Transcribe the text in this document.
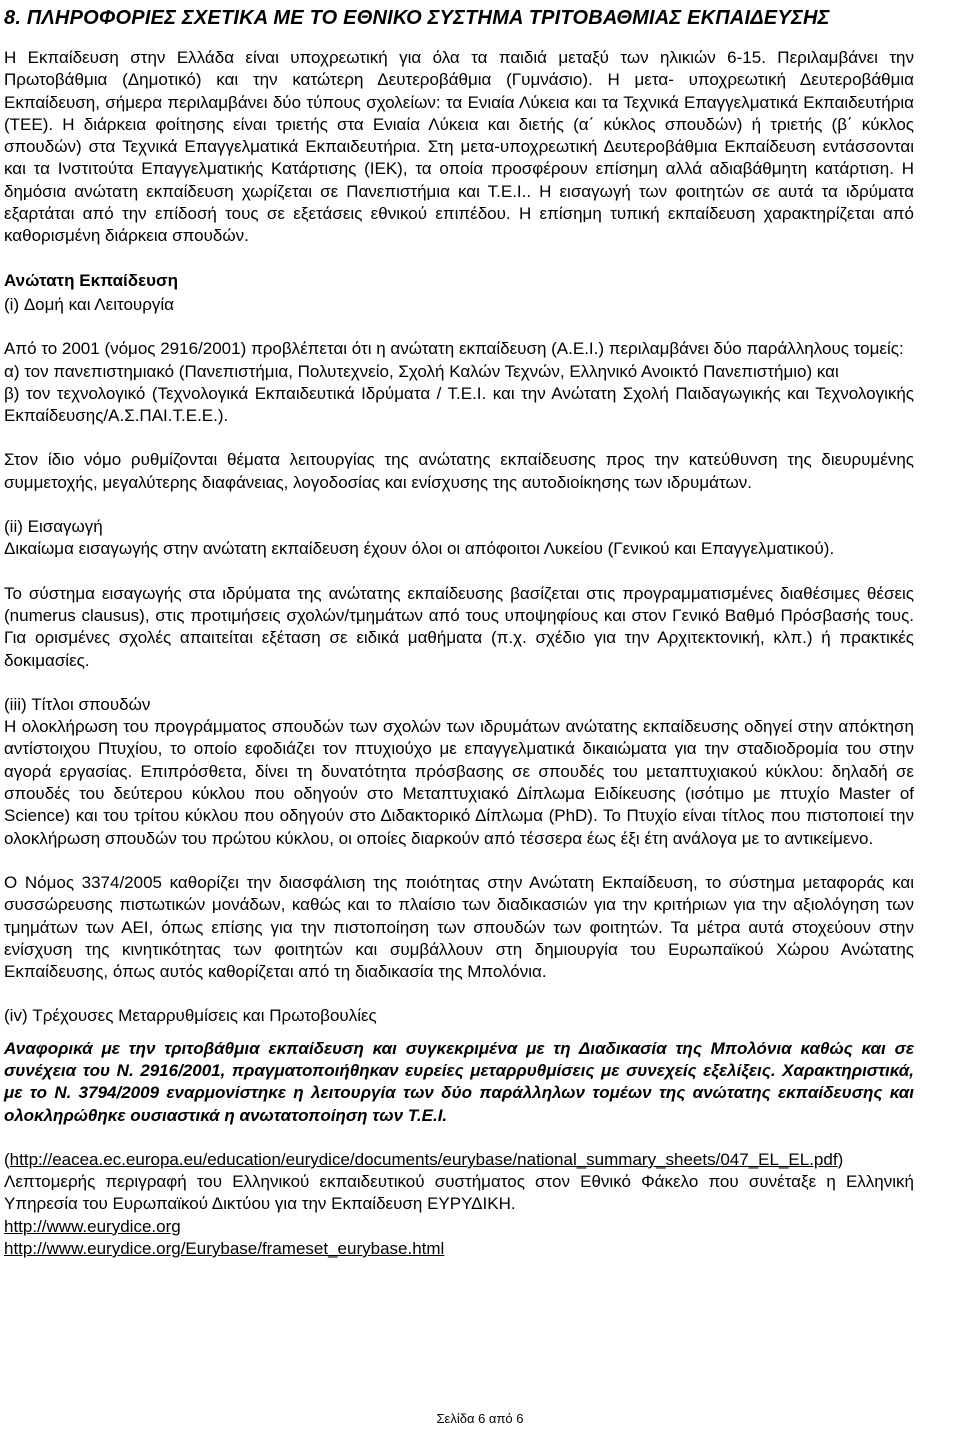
8. ΠΛΗΡΟΦΟΡΙΕΣ ΣΧΕΤΙΚΑ ΜΕ ΤΟ ΕΘΝΙΚΟ ΣΥΣΤΗΜΑ ΤΡΙΤΟΒΑΘΜΙΑΣ ΕΚΠΑΙΔΕΥΣΗΣ

Η Εκπαίδευση στην Ελλάδα είναι υποχρεωτική για όλα τα παιδιά μεταξύ των ηλικιών 6-15. Περιλαμβάνει την Πρωτοβάθμια (Δημοτικό) και την κατώτερη Δευτεροβάθμια (Γυμνάσιο). Η μετα- υποχρεωτική Δευτεροβάθμια Εκπαίδευση, σήμερα περιλαμβάνει δύο τύπους σχολείων: τα Ενιαία Λύκεια και τα Τεχνικά Επαγγελματικά Εκπαιδευτήρια (ΤΕΕ). Η διάρκεια φοίτησης είναι τριετής στα Ενιαία Λύκεια και διετής (α΄ κύκλος σπουδών) ή τριετής (β΄ κύκλος σπουδών) στα Τεχνικά Επαγγελματικά Εκπαιδευτήρια. Στη μετα-υποχρεωτική Δευτεροβάθμια Εκπαίδευση εντάσσονται και τα Ινστιτούτα Επαγγελματικής Κατάρτισης (ΙΕΚ), τα οποία προσφέρουν επίσημη αλλά αδιαβάθμητη κατάρτιση. Η δημόσια ανώτατη εκπαίδευση χωρίζεται σε Πανεπιστήμια και Τ.Ε.Ι.. Η εισαγωγή των φοιτητών σε αυτά τα ιδρύματα εξαρτάται από την επίδοσή τους σε εξετάσεις εθνικού επιπέδου. Η επίσημη τυπική εκπαίδευση χαρακτηρίζεται από καθορισμένη διάρκεια σπουδών.

Ανώτατη Εκπαίδευση

(i) Δομή και Λειτουργία

Από το 2001 (νόμος 2916/2001) προβλέπεται ότι η ανώτατη εκπαίδευση (Α.Ε.Ι.) περιλαμβάνει δύο παράλληλους τομείς:

α) τον πανεπιστημιακό (Πανεπιστήμια, Πολυτεχνείο, Σχολή Καλών Τεχνών, Ελληνικό Ανοικτό Πανεπιστήμιο) και

β) τον τεχνολογικό (Τεχνολογικά Εκπαιδευτικά Ιδρύματα / Τ.Ε.Ι. και την Ανώτατη Σχολή Παιδαγωγικής και Τεχνολογικής Εκπαίδευσης/Α.Σ.ΠΑΙ.Τ.Ε.Ε.).

Στον ίδιο νόμο ρυθμίζονται θέματα λειτουργίας της ανώτατης εκπαίδευσης προς την κατεύθυνση της διευρυμένης συμμετοχής, μεγαλύτερης διαφάνειας, λογοδοσίας και ενίσχυσης της αυτοδιοίκησης των ιδρυμάτων.

(ii) Εισαγωγή

Δικαίωμα εισαγωγής στην ανώτατη εκπαίδευση έχουν όλοι οι απόφοιτοι Λυκείου (Γενικού και Επαγγελματικού).

Το σύστημα εισαγωγής στα ιδρύματα της ανώτατης εκπαίδευσης βασίζεται στις προγραμματισμένες διαθέσιμες θέσεις (numerus clausus), στις προτιμήσεις σχολών/τμημάτων από τους υποψηφίους και στον Γενικό Βαθμό Πρόσβασής τους. Για ορισμένες σχολές απαιτείται εξέταση σε ειδικά μαθήματα (π.χ. σχέδιο για την Αρχιτεκτονική, κλπ.) ή πρακτικές δοκιμασίες.

(iii) Τίτλοι σπουδών

Η ολοκλήρωση του προγράμματος σπουδών των σχολών των ιδρυμάτων ανώτατης εκπαίδευσης οδηγεί στην απόκτηση αντίστοιχου Πτυχίου, το οποίο εφοδιάζει τον πτυχιούχο με επαγγελματικά δικαιώματα για την σταδιοδρομία του στην αγορά εργασίας. Επιπρόσθετα, δίνει τη δυνατότητα πρόσβασης σε σπουδές του μεταπτυχιακού κύκλου: δηλαδή σε σπουδές του δεύτερου κύκλου που οδηγούν στο Μεταπτυχιακό Δίπλωμα Ειδίκευσης (ισότιμο με πτυχίο Master of Science) και του τρίτου κύκλου που οδηγούν στο Διδακτορικό Δίπλωμα (PhD). Το Πτυχίο είναι τίτλος που πιστοποιεί την ολοκλήρωση σπουδών του πρώτου κύκλου, οι οποίες διαρκούν από τέσσερα έως έξι έτη ανάλογα με το αντικείμενο.

Ο Νόμος 3374/2005 καθορίζει την διασφάλιση της ποιότητας στην Ανώτατη Εκπαίδευση, το σύστημα μεταφοράς και συσσώρευσης πιστωτικών μονάδων, καθώς και το πλαίσιο των διαδικασιών για την κριτήριων για την αξιολόγηση των τμημάτων των ΑΕΙ, όπως επίσης για την πιστοποίηση των σπουδών των φοιτητών. Τα μέτρα αυτά στοχεύουν στην ενίσχυση της κινητικότητας των φοιτητών και συμβάλλουν στη δημιουργία του Ευρωπαϊκού Χώρου Ανώτατης Εκπαίδευσης, όπως αυτός καθορίζεται από τη διαδικασία της Μπολόνια.

(iv) Τρέχουσες Μεταρρυθμίσεις και Πρωτοβουλίες

Αναφορικά με την τριτοβάθμια εκπαίδευση και συγκεκριμένα με τη Διαδικασία της Μπολόνια καθώς και σε συνέχεια του Ν. 2916/2001, πραγματοποιήθηκαν ευρείες μεταρρυθμίσεις με συνεχείς εξελίξεις. Χαρακτηριστικά, με το Ν. 3794/2009 εναρμονίστηκε η λειτουργία των δύο παράλληλων τομέων της ανώτατης εκπαίδευσης και ολοκληρώθηκε ουσιαστικά η ανωτατοποίηση των Τ.Ε.Ι.

(http://eacea.ec.europa.eu/education/eurydice/documents/eurybase/national_summary_sheets/047_EL_EL.pdf)

Λεπτομερής περιγραφή του Ελληνικού εκπαιδευτικού συστήματος στον Εθνικό Φάκελο που συνέταξε η Ελληνική Υπηρεσία του Ευρωπαϊκού Δικτύου για την Εκπαίδευση ΕΥΡΥΔΙΚΗ.

http://www.eurydice.org

http://www.eurydice.org/Eurybase/frameset_eurybase.html

Σελίδα 6 από 6
